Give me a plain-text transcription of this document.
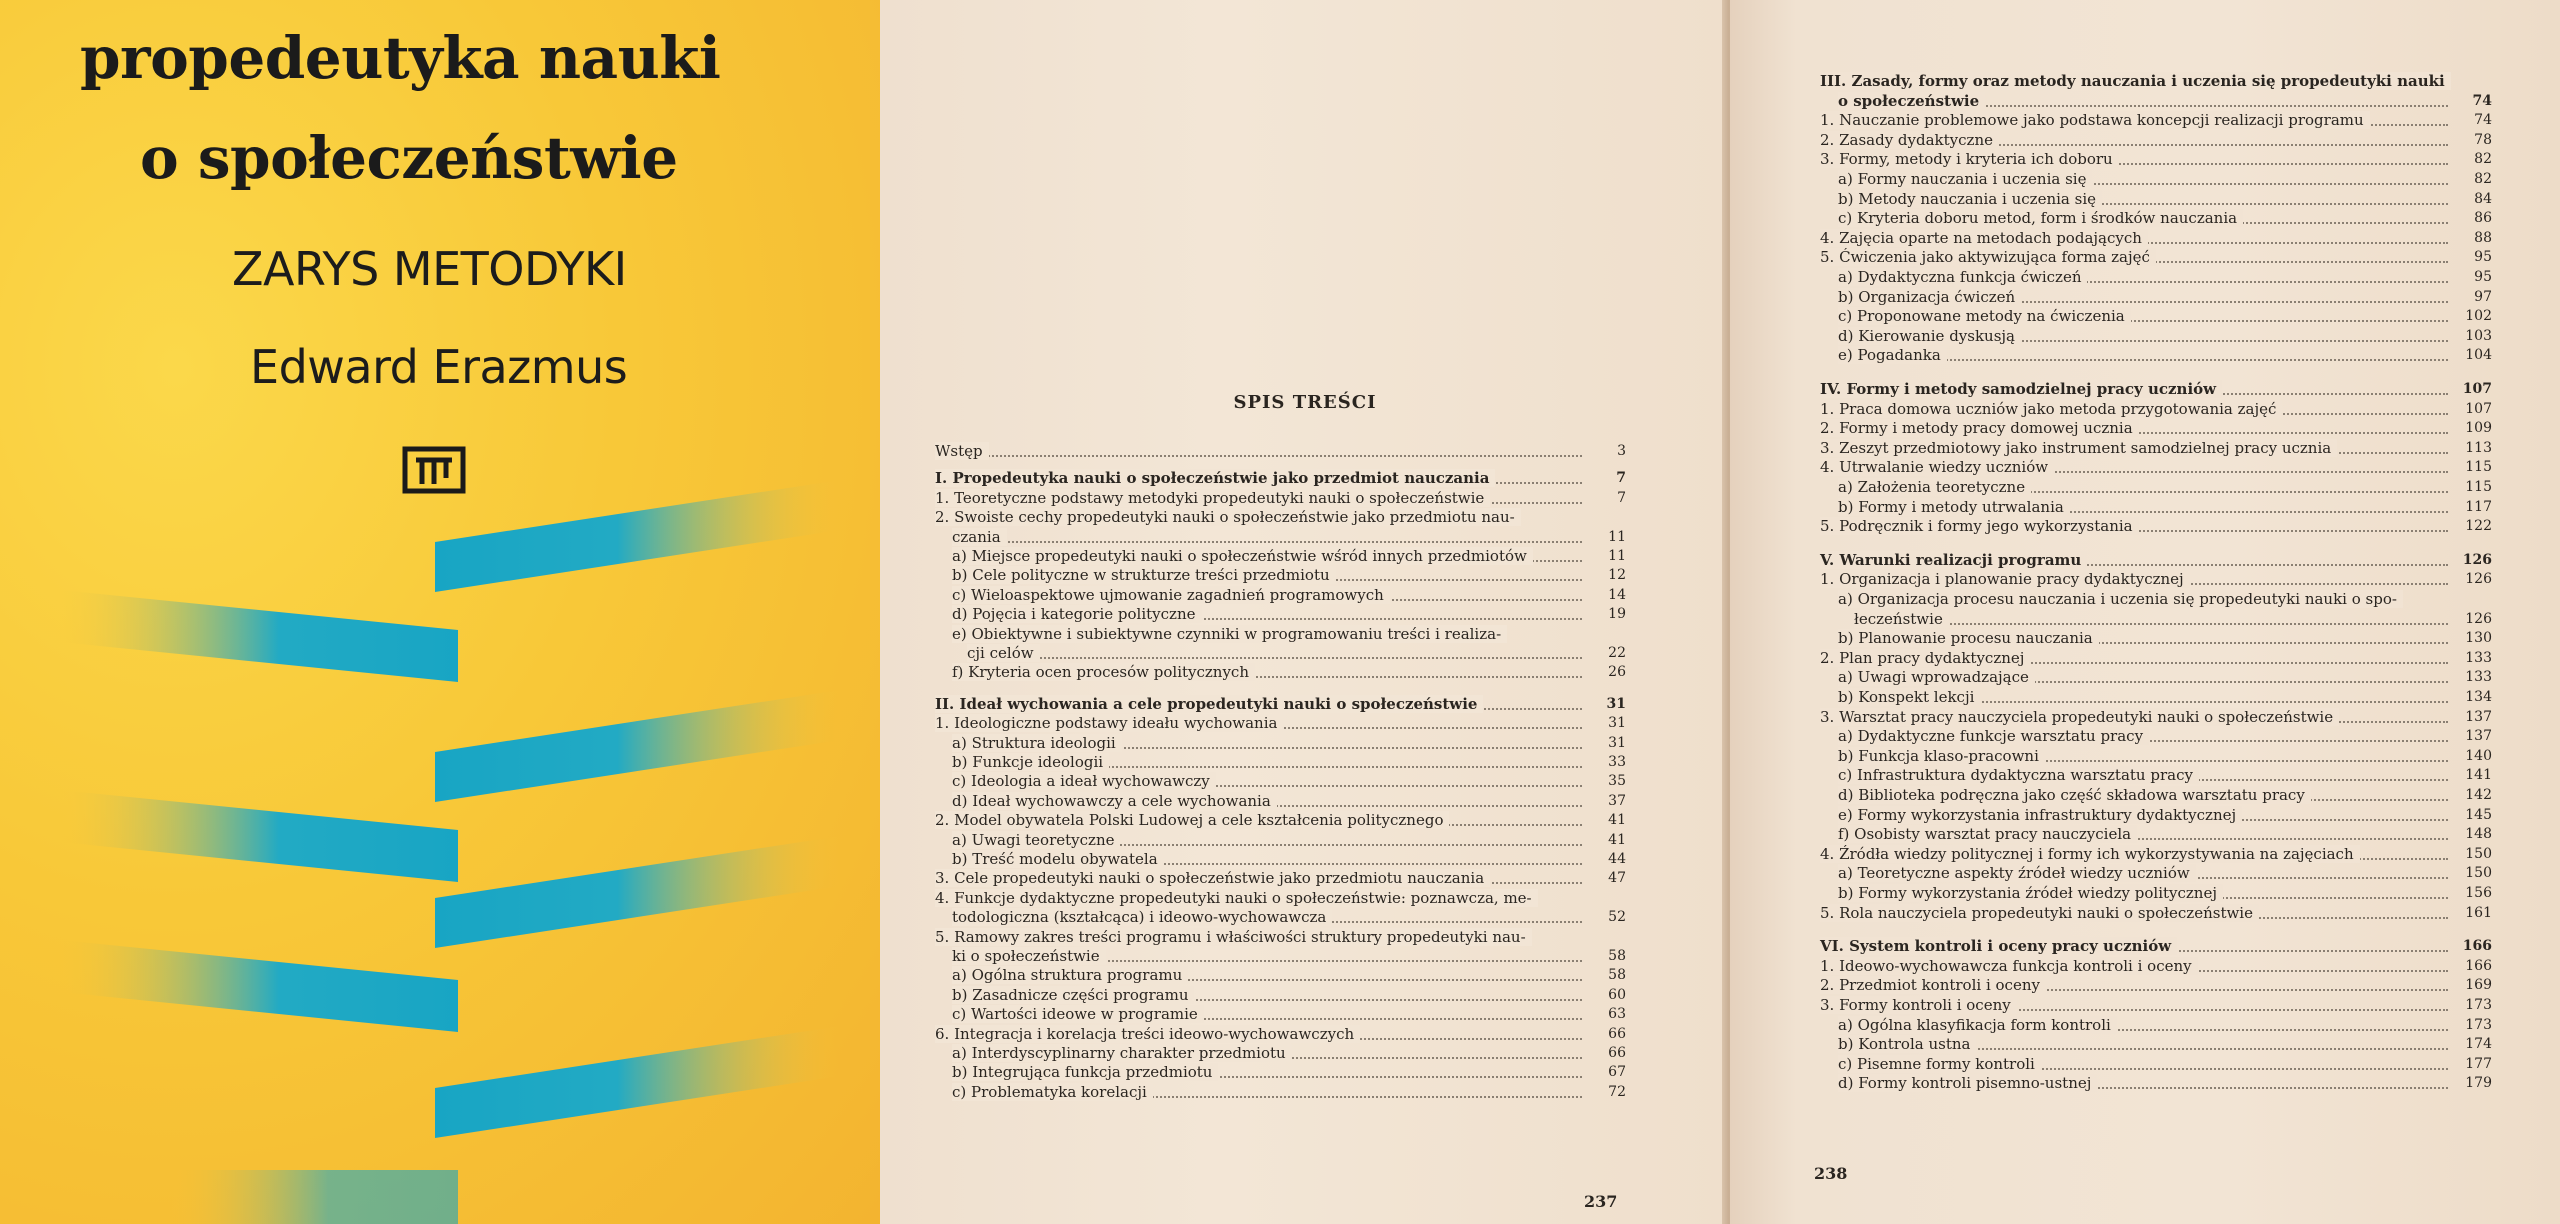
propedeutyka nauki
o społeczeństwie
ZARYS METODYKI
Edward Erazmus
SPIS TREŚCI
Wstęp	3
I. Propedeutyka nauki o społeczeństwie jako przedmiot nauczania	7
1. Teoretyczne podstawy metodyki propedeutyki nauki o społeczeństwie	7
2. Swoiste cechy propedeutyki nauki o społeczeństwie jako przedmiotu nau-
czania	11
a) Miejsce propedeutyki nauki o społeczeństwie wśród innych przedmiotów	11
b) Cele polityczne w strukturze treści przedmiotu	12
c) Wieloaspektowe ujmowanie zagadnień programowych	14
d) Pojęcia i kategorie polityczne	19
e) Obiektywne i subiektywne czynniki w programowaniu treści i realiza-
cji celów	22
f) Kryteria ocen procesów politycznych	26
II. Ideał wychowania a cele propedeutyki nauki o społeczeństwie	31
1. Ideologiczne podstawy ideału wychowania	31
a) Struktura ideologii	31
b) Funkcje ideologii	33
c) Ideologia a ideał wychowawczy	35
d) Ideał wychowawczy a cele wychowania	37
2. Model obywatela Polski Ludowej a cele kształcenia politycznego	41
a) Uwagi teoretyczne	41
b) Treść modelu obywatela	44
3. Cele propedeutyki nauki o społeczeństwie jako przedmiotu nauczania	47
4. Funkcje dydaktyczne propedeutyki nauki o społeczeństwie: poznawcza, me-
todologiczna (kształcąca) i ideowo-wychowawcza	52
5. Ramowy zakres treści programu i właściwości struktury propedeutyki nau-
ki o społeczeństwie	58
a) Ogólna struktura programu	58
b) Zasadnicze części programu	60
c) Wartości ideowe w programie	63
6. Integracja i korelacja treści ideowo-wychowawczych	66
a) Interdyscyplinarny charakter przedmiotu	66
b) Integrująca funkcja przedmiotu	67
c) Problematyka korelacji	72
237
III. Zasady, formy oraz metody nauczania i uczenia się propedeutyki nauki
o społeczeństwie	74
1. Nauczanie problemowe jako podstawa koncepcji realizacji programu	74
2. Zasady dydaktyczne	78
3. Formy, metody i kryteria ich doboru	82
a) Formy nauczania i uczenia się	82
b) Metody nauczania i uczenia się	84
c) Kryteria doboru metod, form i środków nauczania	86
4. Zajęcia oparte na metodach podających	88
5. Ćwiczenia jako aktywizująca forma zajęć	95
a) Dydaktyczna funkcja ćwiczeń	95
b) Organizacja ćwiczeń	97
c) Proponowane metody na ćwiczenia	102
d) Kierowanie dyskusją	103
e) Pogadanka	104
IV. Formy i metody samodzielnej pracy uczniów	107
1. Praca domowa uczniów jako metoda przygotowania zajęć	107
2. Formy i metody pracy domowej ucznia	109
3. Zeszyt przedmiotowy jako instrument samodzielnej pracy ucznia	113
4. Utrwalanie wiedzy uczniów	115
a) Założenia teoretyczne	115
b) Formy i metody utrwalania	117
5. Podręcznik i formy jego wykorzystania	122
V. Warunki realizacji programu	126
1. Organizacja i planowanie pracy dydaktycznej	126
a) Organizacja procesu nauczania i uczenia się propedeutyki nauki o spo-
łeczeństwie	126
b) Planowanie procesu nauczania	130
2. Plan pracy dydaktycznej	133
a) Uwagi wprowadzające	133
b) Konspekt lekcji	134
3. Warsztat pracy nauczyciela propedeutyki nauki o społeczeństwie	137
a) Dydaktyczne funkcje warsztatu pracy	137
b) Funkcja klaso-pracowni	140
c) Infrastruktura dydaktyczna warsztatu pracy	141
d) Biblioteka podręczna jako część składowa warsztatu pracy	142
e) Formy wykorzystania infrastruktury dydaktycznej	145
f) Osobisty warsztat pracy nauczyciela	148
4. Źródła wiedzy politycznej i formy ich wykorzystywania na zajęciach	150
a) Teoretyczne aspekty źródeł wiedzy uczniów	150
b) Formy wykorzystania źródeł wiedzy politycznej	156
5. Rola nauczyciela propedeutyki nauki o społeczeństwie	161
VI. System kontroli i oceny pracy uczniów	166
1. Ideowo-wychowawcza funkcja kontroli i oceny	166
2. Przedmiot kontroli i oceny	169
3. Formy kontroli i oceny	173
a) Ogólna klasyfikacja form kontroli	173
b) Kontrola ustna	174
c) Pisemne formy kontroli	177
d) Formy kontroli pisemno-ustnej	179
238
